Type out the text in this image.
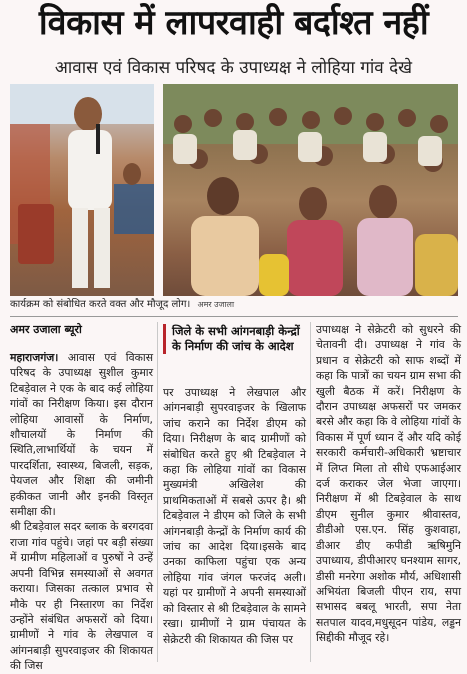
विकास में लापरवाही बर्दाश्त नहीं
आवास एवं विकास परिषद के उपाध्यक्ष ने लोहिया गांव देखे
कार्यक्रम को संबोधित करते वक्त और मौजूद लोग। अमर उजाला
अमर उजाला ब्यूरो
महाराजगंज। आवास एवं विकास परिषद के उपाध्यक्ष सुशील कुमार टिबड़ेवाल ने एक के बाद कई लोहिया गांवों का निरीक्षण किया। इस दौरान लोहिया आवासों के निर्माण, शौचालयों के निर्माण की स्थिति,लाभार्थियों के चयन में पारदर्शिता, स्वास्थ्य, बिजली, सड़क, पेयजल और शिक्षा की जमीनी हकीकत जानी और इनकी विस्तृत समीक्षा की।
श्री टिबड़ेवाल सदर ब्लाक के बरगदवा राजा गांव पहुंचे। जहां पर बड़ी संख्या में ग्रामीण महिलाओं व पुरुषों ने उन्हें अपनी विभिन्न समस्याओं से अवगत कराया। जिसका तत्काल प्रभाव से मौके पर ही निस्तारण का निर्देश उन्होंने संबंधित अफसरों को दिया। ग्रामीणों ने गांव के लेखपाल व आंगनबाड़ी सुपरवाइजर की शिकायत की जिस
जिले के सभी आंगनबाड़ी केन्द्रों के निर्माण की जांच के आदेश
पर उपाध्यक्ष ने लेखपाल और आंगनबाड़ी सुपरवाइजर के खिलाफ जांच कराने का निर्देश डीएम को दिया। निरीक्षण के बाद ग्रामीणों को संबोधित करते हुए श्री टिबड़ेवाल ने कहा कि लोहिया गांवों का विकास मुख्यमंत्री अखिलेश की प्राथमिकताओं में सबसे ऊपर है। श्री टिबड़ेवाल ने डीएम को जिले के सभी आंगनबाड़ी केन्द्रों के निर्माण कार्य की जांच का आदेश दिया।इसके बाद उनका काफिला पहुंचा एक अन्य लोहिया गांव जंगल फरजंद अली। यहां पर ग्रामीणों ने अपनी समस्याओं को विस्तार से श्री टिबड़ेवाल के सामने रखा। ग्रामीणों ने ग्राम पंचायत के सेक्रेटरी की शिकायत की जिस पर
उपाध्यक्ष ने सेक्रेटरी को सुधरने की चेतावनी दी। उपाध्यक्ष ने गांव के प्रधान व सेक्रेटरी को साफ शब्दों में कहा कि पात्रों का चयन ग्राम सभा की खुली बैठक में करें। निरीक्षण के दौरान उपाध्यक्ष अफसरों पर जमकर बरसे और कहा कि वे लोहिया गांवों के विकास में पूर्ण ध्यान दें और यदि कोई सरकारी कर्मचारी-अधिकारी भ्रष्टाचार में लिप्त मिला तो सीधे एफआईआर दर्ज कराकर जेल भेजा जाएगा।निरीक्षण में श्री टिबड़ेवाल के साथ डीएम सुनील कुमार श्रीवास्तव, डीडीओ एस.एन. सिंह कुशवाहा, डीआर डीए कपीडी ऋषिमुनि उपाध्याय, डीपीआरए घनश्याम सागर, डीसी मनरेगा अशोक मौर्य, अधिशासी अभियंता बिजली पीएन राय, सपा सभासद बबलू भारती, सपा नेता सतपाल यादव,मधुसूदन पांडेय, लड्डन सिद्दीकी मौजूद रहे।
